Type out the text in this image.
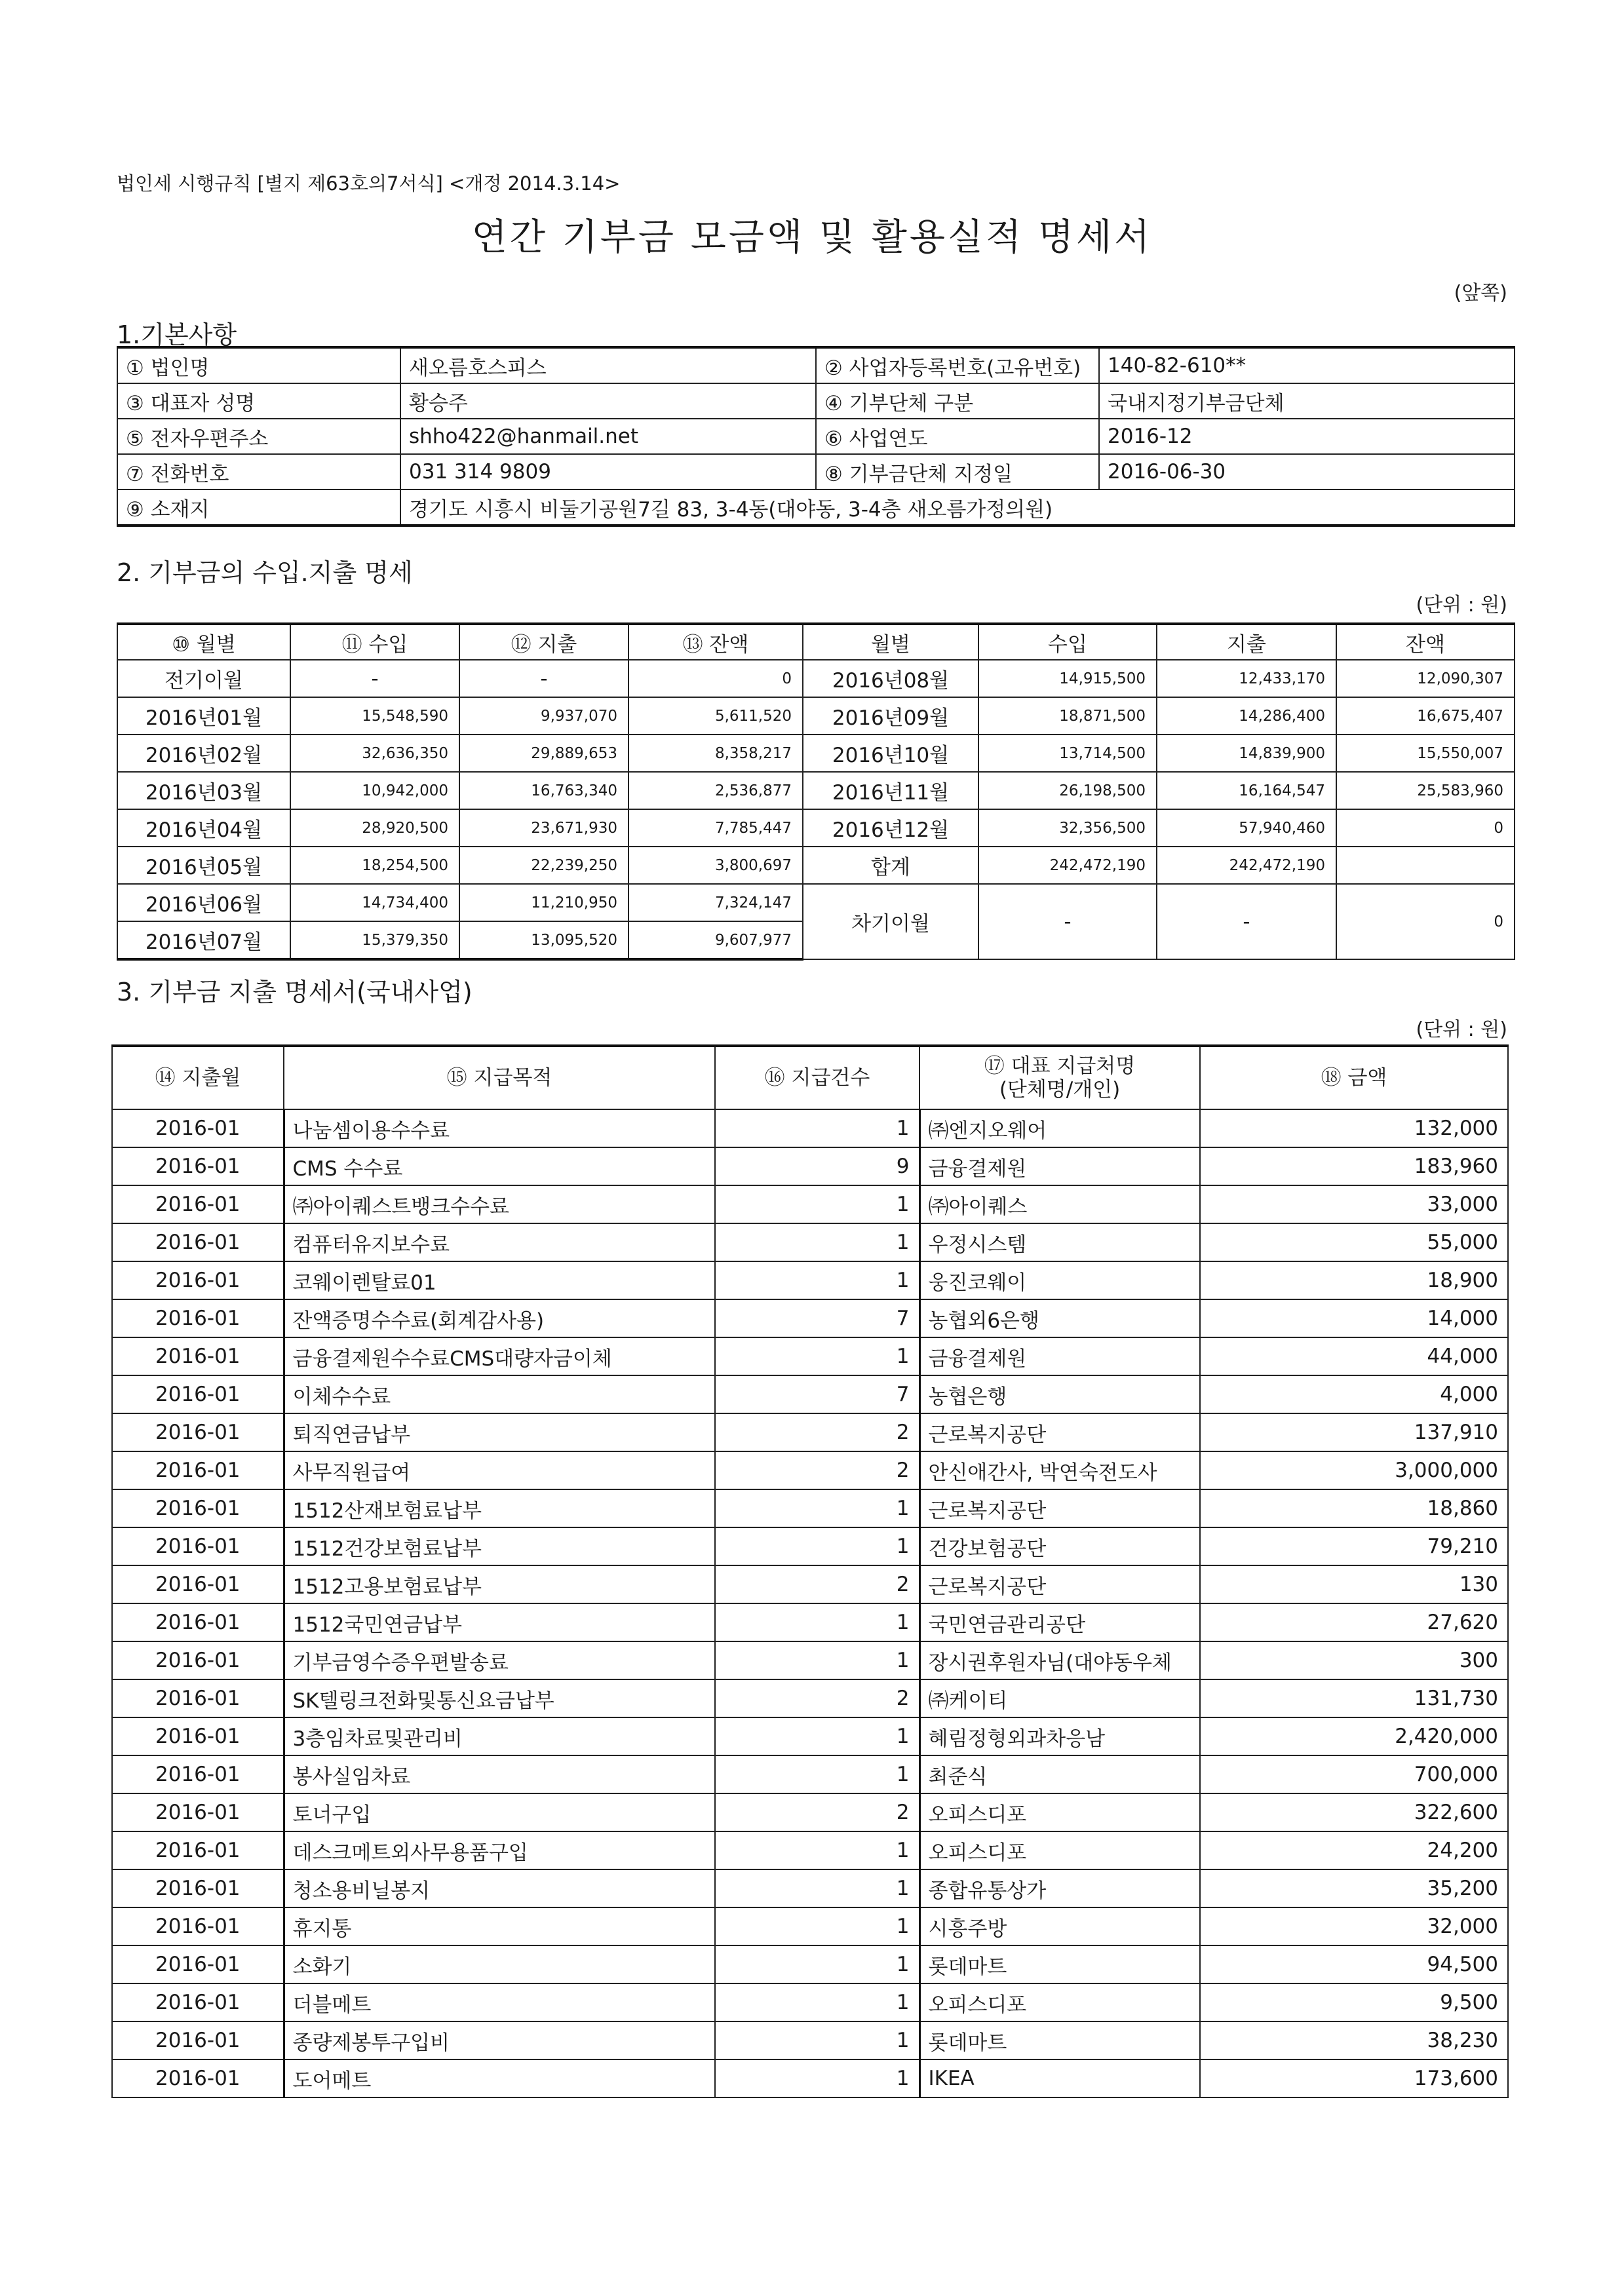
법인세 시행규칙 [별지 제63호의7서식] <개정 2014.3.14>
연간 기부금 모금액 및 활용실적 명세서
(앞쪽)
1.기본사항
① 법인명	새오름호스피스	② 사업자등록번호(고유번호)	140-82-610**
③ 대표자 성명	황승주	④ 기부단체 구분	국내지정기부금단체
⑤ 전자우편주소	shho422@hanmail.net	⑥ 사업연도	2016-12
⑦ 전화번호	031 314 9809	⑧ 기부금단체 지정일	2016-06-30
⑨ 소재지	경기도 시흥시 비둘기공원7길 83, 3-4동(대야동, 3-4층 새오름가정의원)		
2. 기부금의 수입.지출 명세
(단위 : 원)
⑩ 월별	⑪ 수입	⑫ 지출	⑬ 잔액	월별	수입	지출	잔액
전기이월	-	-	0	2016년08월	14,915,500	12,433,170	12,090,307
2016년01월	15,548,590	9,937,070	5,611,520	2016년09월	18,871,500	14,286,400	16,675,407
2016년02월	32,636,350	29,889,653	8,358,217	2016년10월	13,714,500	14,839,900	15,550,007
2016년03월	10,942,000	16,763,340	2,536,877	2016년11월	26,198,500	16,164,547	25,583,960
2016년04월	28,920,500	23,671,930	7,785,447	2016년12월	32,356,500	57,940,460	0
2016년05월	18,254,500	22,239,250	3,800,697	합계	242,472,190	242,472,190	
2016년06월	14,734,400	11,210,950	7,324,147	차기이월	-	-	0
2016년07월	15,379,350	13,095,520	9,607,977				
3. 기부금 지출 명세서(국내사업)
(단위 : 원)
⑭ 지출월	⑮ 지급목적	⑯ 지급건수	⑰ 대표 지급처명
(단체명/개인)	⑱ 금액
2016-01	나눔셈이용수수료	1	㈜엔지오웨어	132,000
2016-01	CMS 수수료	9	금융결제원	183,960
2016-01	㈜아이퀘스트뱅크수수료	1	㈜아이퀘스	33,000
2016-01	컴퓨터유지보수료	1	우정시스템	55,000
2016-01	코웨이렌탈료01	1	웅진코웨이	18,900
2016-01	잔액증명수수료(회계감사용)	7	농협외6은행	14,000
2016-01	금융결제원수수료CMS대량자금이체	1	금융결제원	44,000
2016-01	이체수수료	7	농협은행	4,000
2016-01	퇴직연금납부	2	근로복지공단	137,910
2016-01	사무직원급여	2	안신애간사, 박연숙전도사	3,000,000
2016-01	1512산재보험료납부	1	근로복지공단	18,860
2016-01	1512건강보험료납부	1	건강보험공단	79,210
2016-01	1512고용보험료납부	2	근로복지공단	130
2016-01	1512국민연금납부	1	국민연금관리공단	27,620
2016-01	기부금영수증우편발송료	1	장시권후원자님(대야동우체	300
2016-01	SK텔링크전화및통신요금납부	2	㈜케이티	131,730
2016-01	3층임차료및관리비	1	혜림정형외과차응남	2,420,000
2016-01	봉사실임차료	1	최준식	700,000
2016-01	토너구입	2	오피스디포	322,600
2016-01	데스크메트외사무용품구입	1	오피스디포	24,200
2016-01	청소용비닐봉지	1	종합유통상가	35,200
2016-01	휴지통	1	시흥주방	32,000
2016-01	소화기	1	롯데마트	94,500
2016-01	더블메트	1	오피스디포	9,500
2016-01	종량제봉투구입비	1	롯데마트	38,230
2016-01	도어메트	1	IKEA	173,600
